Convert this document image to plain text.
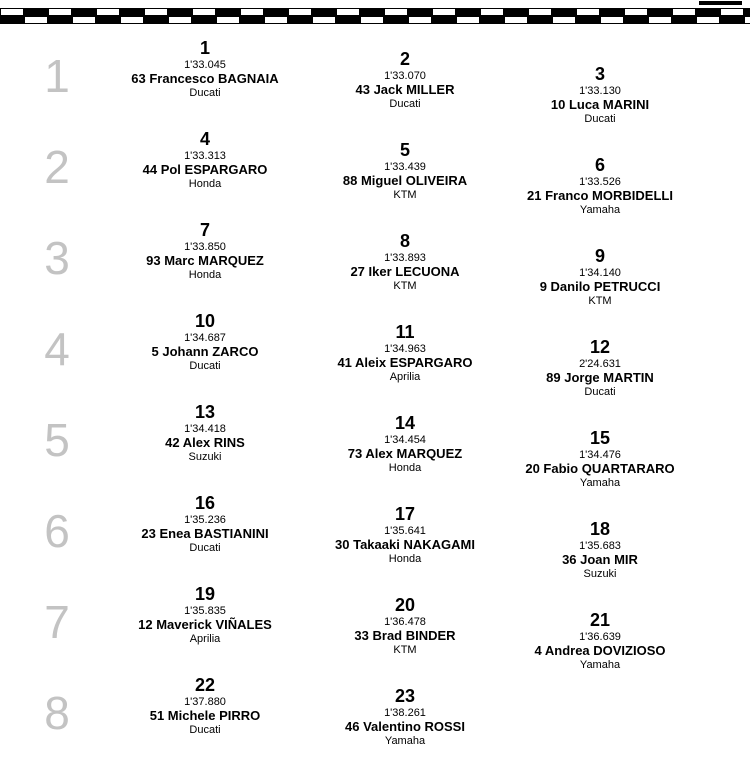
1
1
1'33.045
63 Francesco BAGNAIA
Ducati
2
1'33.070
43 Jack MILLER
Ducati
3
1'33.130
10 Luca MARINI
Ducati
2
4
1'33.313
44 Pol ESPARGARO
Honda
5
1'33.439
88 Miguel OLIVEIRA
KTM
6
1'33.526
21 Franco MORBIDELLI
Yamaha
3
7
1'33.850
93 Marc MARQUEZ
Honda
8
1'33.893
27 Iker LECUONA
KTM
9
1'34.140
9 Danilo PETRUCCI
KTM
4
10
1'34.687
5 Johann ZARCO
Ducati
11
1'34.963
41 Aleix ESPARGARO
Aprilia
12
2'24.631
89 Jorge MARTIN
Ducati
5
13
1'34.418
42 Alex RINS
Suzuki
14
1'34.454
73 Alex MARQUEZ
Honda
15
1'34.476
20 Fabio QUARTARARO
Yamaha
6
16
1'35.236
23 Enea BASTIANINI
Ducati
17
1'35.641
30 Takaaki NAKAGAMI
Honda
18
1'35.683
36 Joan MIR
Suzuki
7
19
1'35.835
12 Maverick VIÑALES
Aprilia
20
1'36.478
33 Brad BINDER
KTM
21
1'36.639
4 Andrea DOVIZIOSO
Yamaha
8
22
1'37.880
51 Michele PIRRO
Ducati
23
1'38.261
46 Valentino ROSSI
Yamaha
